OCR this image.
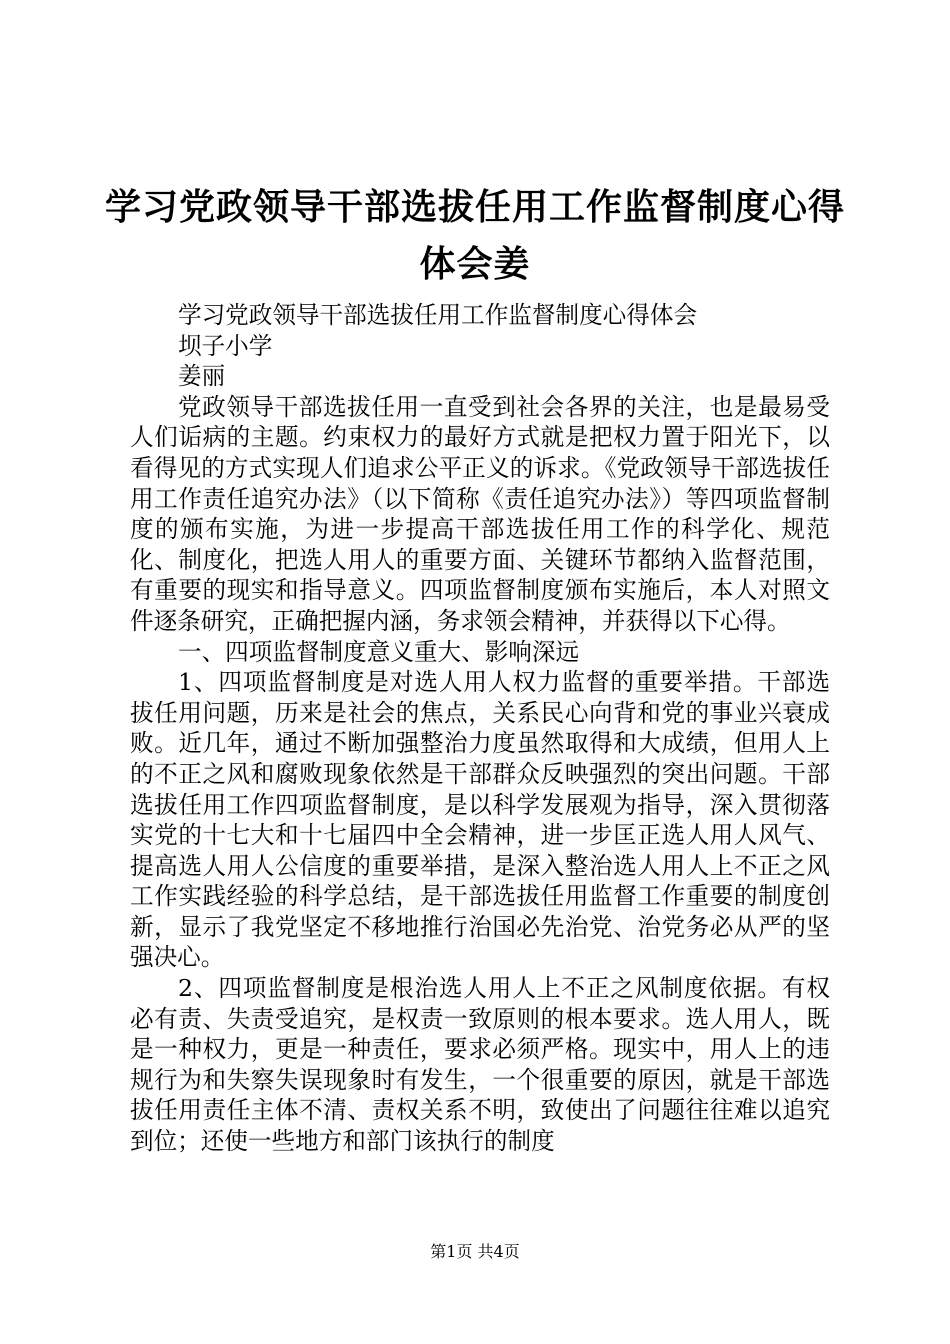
学习党政领导干部选拔任用工作监督制度心得
体会姜

学习党政领导干部选拔任用工作监督制度心得体会

坝子小学

姜丽

党政领导干部选拔任用一直受到社会各界的关注，也是最易受人们诟病的主题。约束权力的最好方式就是把权力置于阳光下，以看得见的方式实现人们追求公平正义的诉求。《党政领导干部选拔任用工作责任追究办法》（以下简称《责任追究办法》）等四项监督制度的颁布实施，为进一步提高干部选拔任用工作的科学化、规范化、制度化，把选人用人的重要方面、关键环节都纳入监督范围，有重要的现实和指导意义。四项监督制度颁布实施后，本人对照文件逐条研究，正确把握内涵，务求领会精神，并获得以下心得。

一、四项监督制度意义重大、影响深远

1、四项监督制度是对选人用人权力监督的重要举措。干部选拔任用问题，历来是社会的焦点，关系民心向背和党的事业兴衰成败。近几年，通过不断加强整治力度虽然取得和大成绩，但用人上的不正之风和腐败现象依然是干部群众反映强烈的突出问题。干部选拔任用工作四项监督制度，是以科学发展观为指导，深入贯彻落实党的十七大和十七届四中全会精神，进一步匡正选人用人风气、提高选人用人公信度的重要举措，是深入整治选人用人上不正之风工作实践经验的科学总结，是干部选拔任用监督工作重要的制度创新，显示了我党坚定不移地推行治国必先治党、治党务必从严的坚强决心。

2、四项监督制度是根治选人用人上不正之风制度依据。有权必有责、失责受追究，是权责一致原则的根本要求。选人用人，既是一种权力，更是一种责任，要求必须严格。现实中，用人上的违规行为和失察失误现象时有发生，一个很重要的原因，就是干部选拔任用责任主体不清、责权关系不明，致使出了问题往往难以追究到位；还使一些地方和部门该执行的制度

第1页 共4页
